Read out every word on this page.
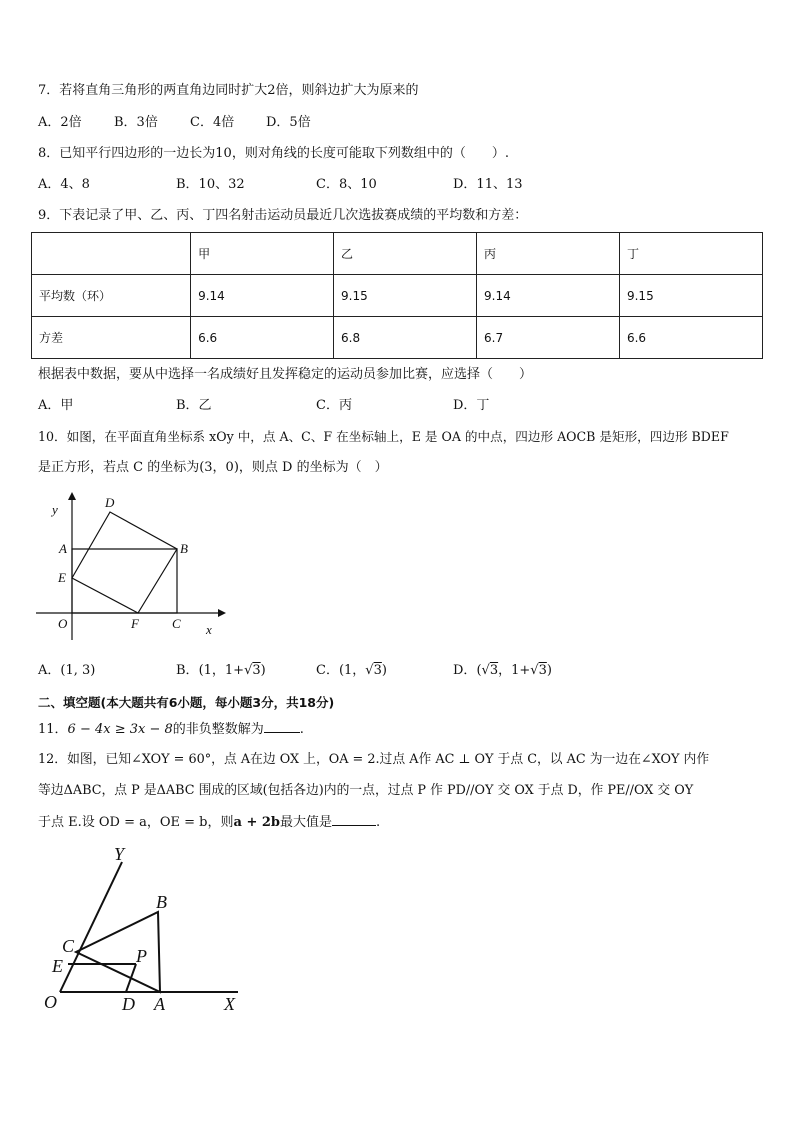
7．若将直角三角形的两直角边同时扩大2倍，则斜边扩大为原来的
A．2倍 B．3倍 C．4倍 D．5倍
8．已知平行四边形的一边长为10，则对角线的长度可能取下列数组中的（　　）.
A．4、8	B．10、32	C．8、10	D．11、13
9．下表记录了甲、乙、丙、丁四名射击运动员最近几次选拔赛成绩的平均数和方差：
	甲	乙	丙	丁
平均数（环）	9.14	9.15	9.14	9.15
方差	6.6	6.8	6.7	6.6
根据表中数据，要从中选择一名成绩好且发挥稳定的运动员参加比赛，应选择（　　）
A．甲	B．乙	C．丙	D．丁
10．如图，在平面直角坐标系 xOy 中，点 A、C、F 在坐标轴上，E 是 OA 的中点，四边形 AOCB 是矩形，四边形 BDEF
是正方形，若点 C 的坐标为(3，0)，则点 D 的坐标为（　）
y
x
O
A	B
C
D
E
F
A．(1, 3)	B．(1，1+√3)	C．(1，√3)	D．(√3，1+√3)
二、填空题(本大题共有6小题，每小题3分，共18分)
11．6 − 4x ≥ 3x − 8的非负整数解为	.
12．如图，已知∠XOY = 60°，点 A在边 OX 上，OA = 2.过点 A作 AC ⊥ OY 于点 C，以 AC 为一边在∠XOY 内作
等边ΔABC，点 P 是ΔABC 围成的区域(包括各边)内的一点，过点 P 作 PD//OY 交 OX 于点 D，作 PE//OX 交 OY
于点 E.设 OD = a，OE = b，则a + 2b最大值是	.
Y
X
O	A
B
C
D
E	P
